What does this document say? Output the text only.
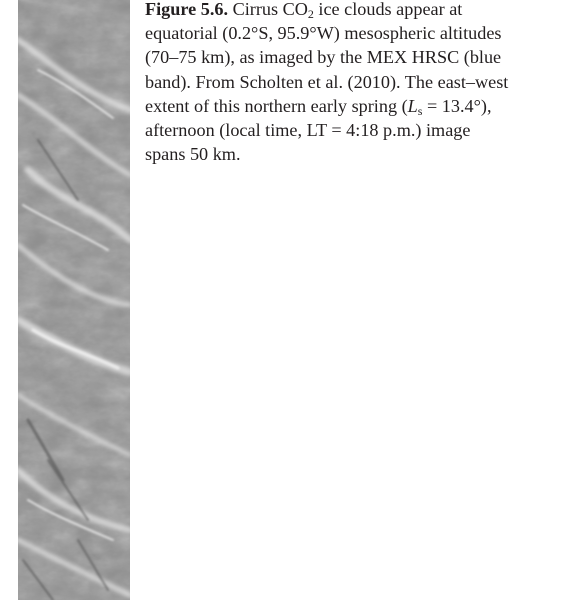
Figure 5.6. Cirrus $CO_2$ ice clouds appear at
equatorial (0.2°S, 95.9°W) mesospheric altitudes
(70–75 km), as imaged by the MEX HRSC (blue
band). From Scholten et al. (2010). The east–west
extent of this northern early spring $(L_s = 13.4^\circ)$,
afternoon (local time, LT = 4:18 p.m.) image
spans 50 km.
